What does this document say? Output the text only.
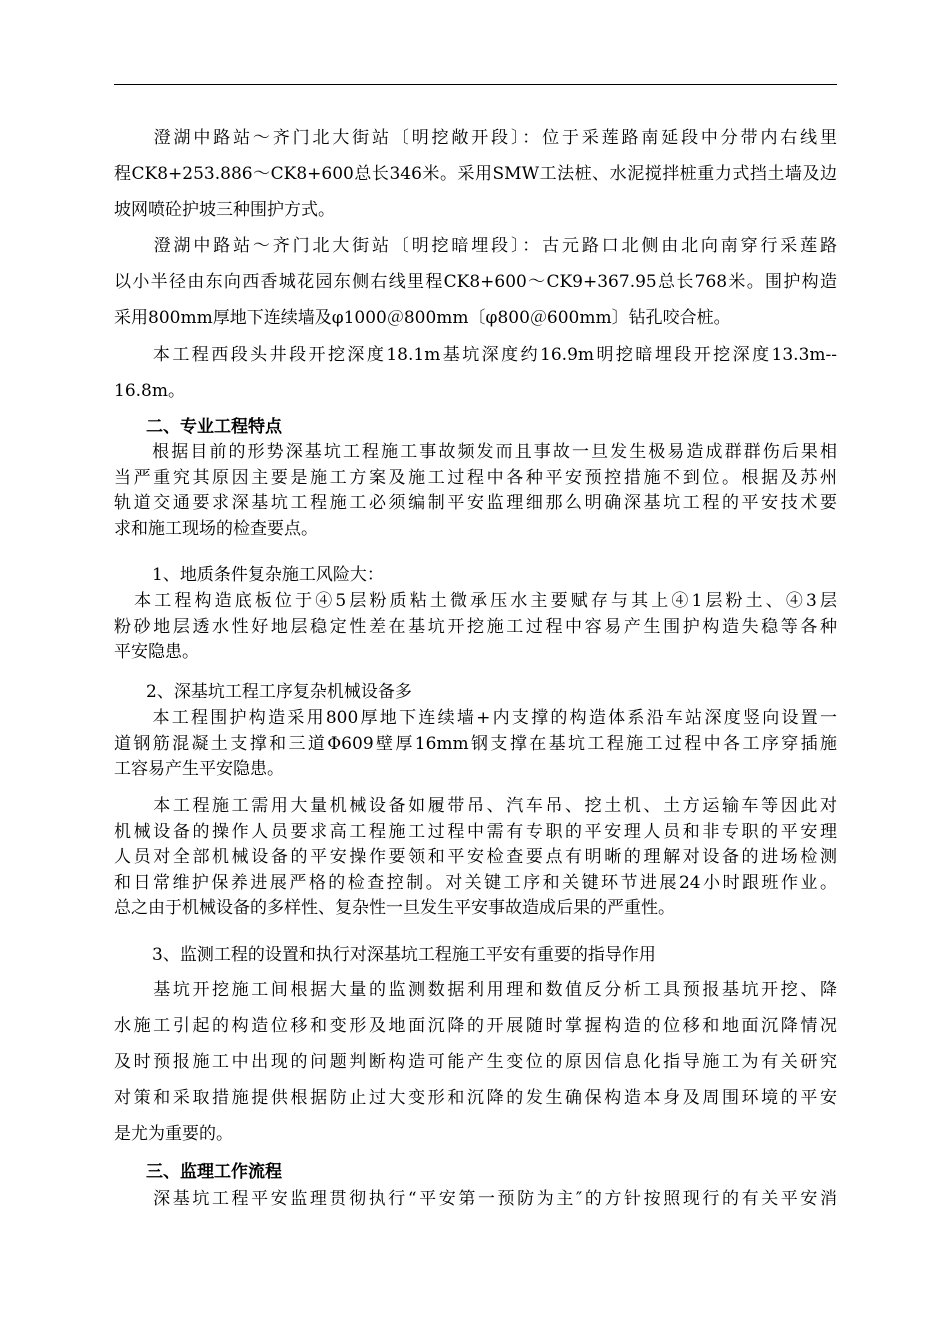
　　澄湖中路站～齐门北大街站〔明挖敞开段〕：位于采莲路南延段中分带内右线里
程CK8+253.886～CK8+600总长346米。采用SMW工法桩、水泥搅拌桩重力式挡土墙及边
坡网喷砼护坡三种围护方式。
　　澄湖中路站～齐门北大街站〔明挖暗埋段〕：古元路口北侧由北向南穿行采莲路
以小半径由东向西香城花园东侧右线里程CK8+600～CK9+367.95总长768米。围护构造
采用800mm厚地下连续墙及φ1000＠800mm〔φ800＠600mm〕钻孔咬合桩。
　　本工程西段头井段开挖深度18.1m基坑深度约16.9m明挖暗埋段开挖深度13.3m--
16.8m。
二、专业工程特点
　　根据目前的形势深基坑工程施工事故频发而且事故一旦发生极易造成群群伤后果相
当严重究其原因主要是施工方案及施工过程中各种平安预控措施不到位。根据及苏州
轨道交通要求深基坑工程施工必须编制平安监理细那么明确深基坑工程的平安技术要
求和施工现场的检查要点。
1、地质条件复杂施工风险大：
　本工程构造底板位于④5层粉质粘土微承压水主要赋存与其上④1层粉土、④3层
粉砂地层透水性好地层稳定性差在基坑开挖施工过程中容易产生围护构造失稳等各种
平安隐患。
2、深基坑工程工序复杂机械设备多
　　本工程围护构造采用800厚地下连续墙+内支撑的构造体系沿车站深度竖向设置一
道钢筋混凝土支撑和三道Φ609壁厚16mm钢支撑在基坑工程施工过程中各工序穿插施
工容易产生平安隐患。
　　本工程施工需用大量机械设备如履带吊、汽车吊、挖土机、土方运输车等因此对
机械设备的操作人员要求高工程施工过程中需有专职的平安理人员和非专职的平安理
人员对全部机械设备的平安操作要领和平安检查要点有明晰的理解对设备的进场检测
和日常维护保养进展严格的检查控制。对关键工序和关键环节进展24小时跟班作业。
总之由于机械设备的多样性、复杂性一旦发生平安事故造成后果的严重性。
3、监测工程的设置和执行对深基坑工程施工平安有重要的指导作用
　　基坑开挖施工间根据大量的监测数据利用理和数值反分析工具预报基坑开挖、降
水施工引起的构造位移和变形及地面沉降的开展随时掌握构造的位移和地面沉降情况
及时预报施工中出现的问题判断构造可能产生变位的原因信息化指导施工为有关研究
对策和采取措施提供根据防止过大变形和沉降的发生确保构造本身及周围环境的平安
是尤为重要的。
三、监理工作流程
　　深基坑工程平安监理贯彻执行“平安第一预防为主″的方针按照现行的有关平安消
